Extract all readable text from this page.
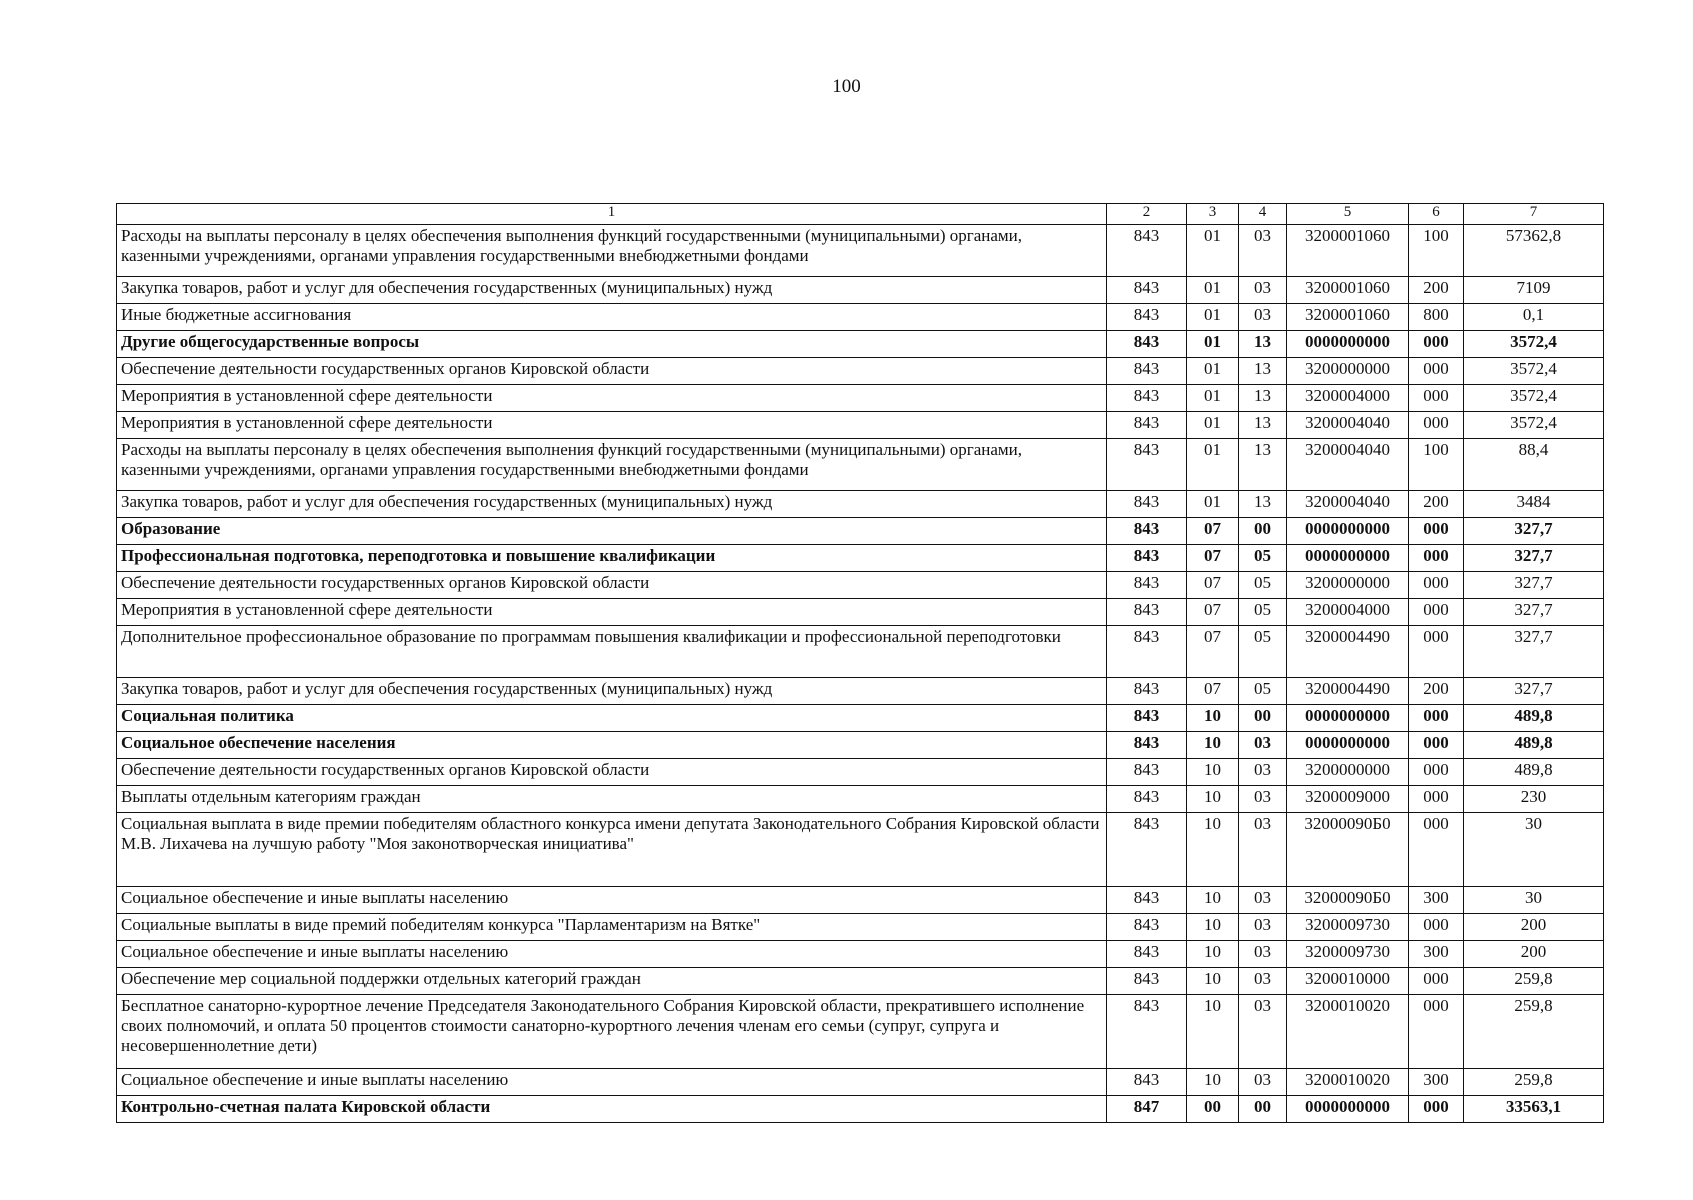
100
1	2	3	4	5	6	7
Расходы на выплаты персоналу в целях обеспечения выполнения функций государственными (муниципальными) органами, казенными учреждениями, органами управления государственными внебюджетными фондами	843	01	03	3200001060	100	57362,8
Закупка товаров, работ и услуг для обеспечения государственных (муниципальных) нужд	843	01	03	3200001060	200	7109
Иные бюджетные ассигнования	843	01	03	3200001060	800	0,1
Другие общегосударственные вопросы	843	01	13	0000000000	000	3572,4
Обеспечение деятельности государственных органов Кировской области	843	01	13	3200000000	000	3572,4
Мероприятия в установленной сфере деятельности	843	01	13	3200004000	000	3572,4
Мероприятия в установленной сфере деятельности	843	01	13	3200004040	000	3572,4
Расходы на выплаты персоналу в целях обеспечения выполнения функций государственными (муниципальными) органами, казенными учреждениями, органами управления государственными внебюджетными фондами	843	01	13	3200004040	100	88,4
Закупка товаров, работ и услуг для обеспечения государственных (муниципальных) нужд	843	01	13	3200004040	200	3484
Образование	843	07	00	0000000000	000	327,7
Профессиональная подготовка, переподготовка и повышение квалификации	843	07	05	0000000000	000	327,7
Обеспечение деятельности государственных органов Кировской области	843	07	05	3200000000	000	327,7
Мероприятия в установленной сфере деятельности	843	07	05	3200004000	000	327,7
Дополнительное профессиональное образование по программам повышения квалификации и профессиональной переподготовки	843	07	05	3200004490	000	327,7
Закупка товаров, работ и услуг для обеспечения государственных (муниципальных) нужд	843	07	05	3200004490	200	327,7
Социальная политика	843	10	00	0000000000	000	489,8
Социальное обеспечение населения	843	10	03	0000000000	000	489,8
Обеспечение деятельности государственных органов Кировской области	843	10	03	3200000000	000	489,8
Выплаты отдельным категориям граждан	843	10	03	3200009000	000	230
Социальная выплата в виде премии победителям областного конкурса имени депутата Законодательного Собрания Кировской области М.В. Лихачева на лучшую работу "Моя законотворческая инициатива"	843	10	03	32000090Б0	000	30
Социальное обеспечение и иные выплаты населению	843	10	03	32000090Б0	300	30
Социальные выплаты в виде премий победителям конкурса "Парламентаризм на Вятке"	843	10	03	3200009730	000	200
Социальное обеспечение и иные выплаты населению	843	10	03	3200009730	300	200
Обеспечение мер социальной поддержки отдельных категорий граждан	843	10	03	3200010000	000	259,8
Бесплатное санаторно-курортное лечение Председателя Законодательного Собрания Кировской области, прекратившего исполнение своих полномочий, и оплата 50 процентов стоимости санаторно-курортного лечения членам его семьи (супруг, супруга и несовершеннолетние дети)	843	10	03	3200010020	000	259,8
Социальное обеспечение и иные выплаты населению	843	10	03	3200010020	300	259,8
Контрольно-счетная палата Кировской области	847	00	00	0000000000	000	33563,1
